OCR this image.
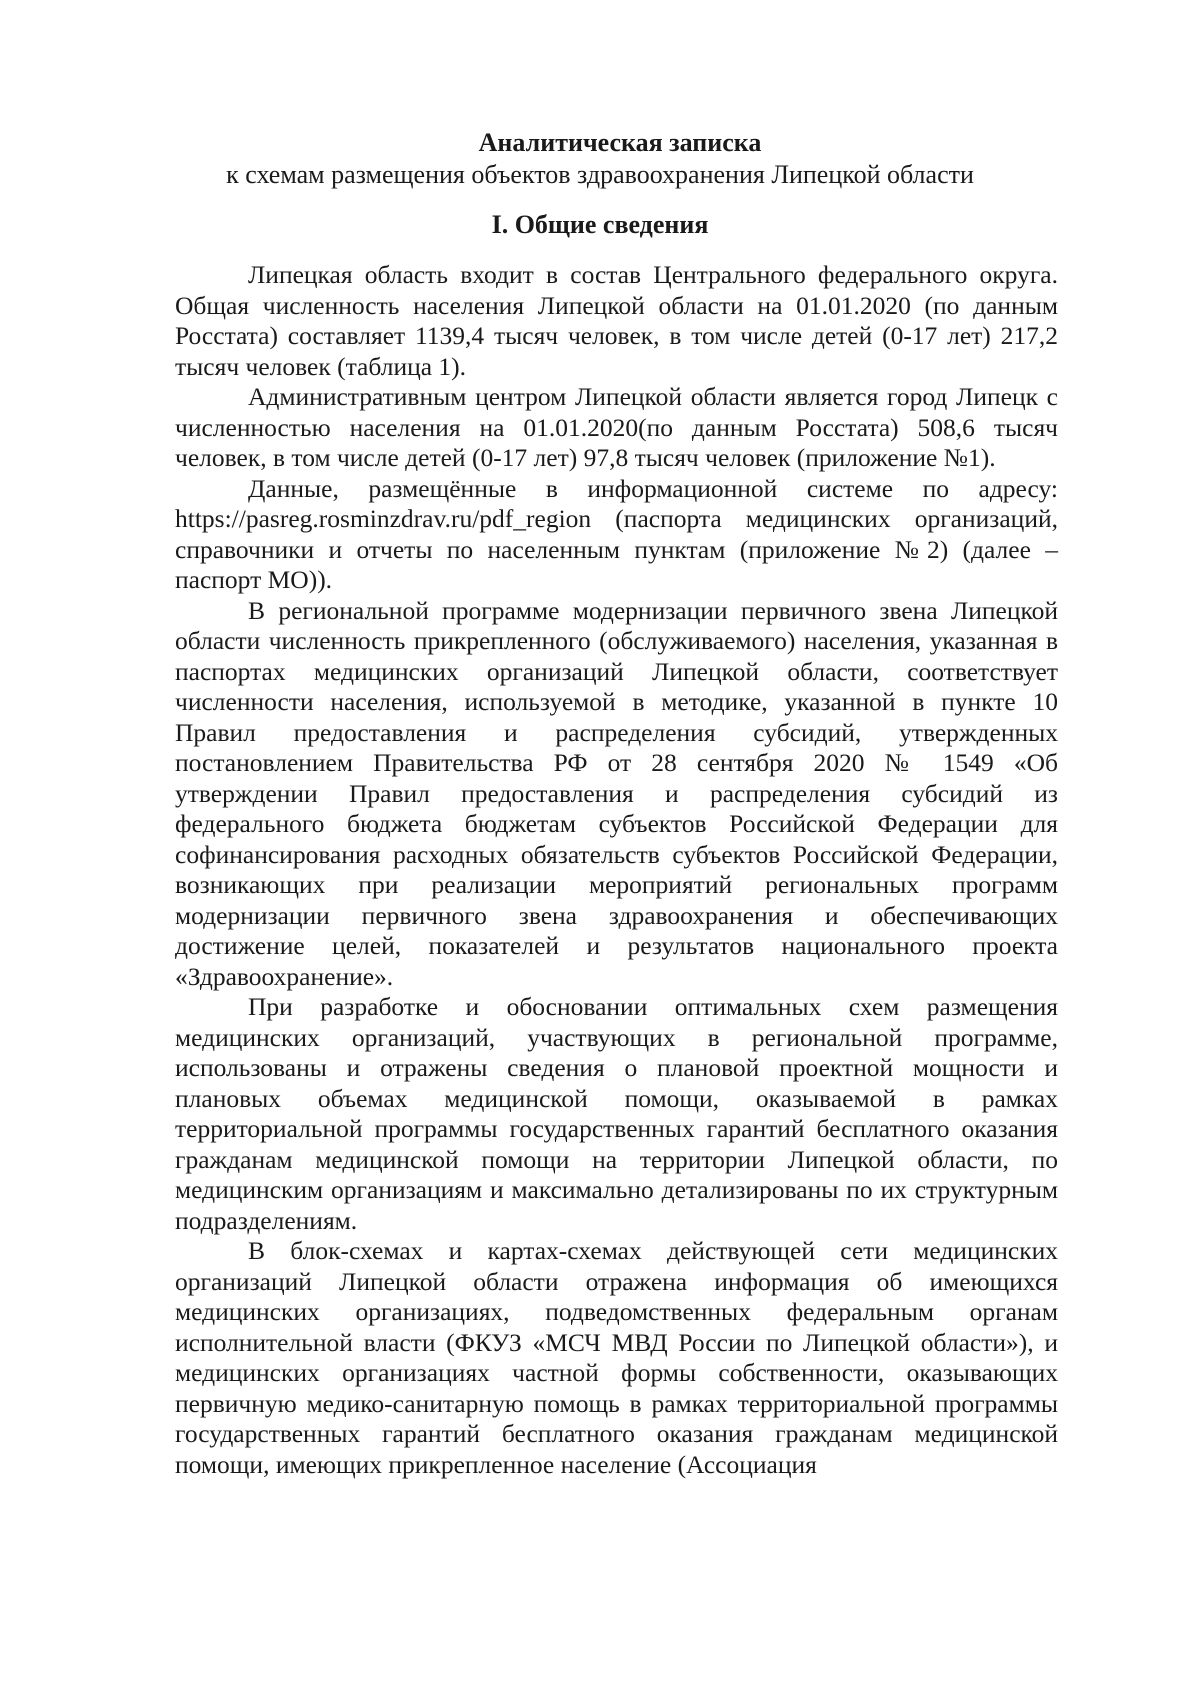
Аналитическая записка
к схемам размещения объектов здравоохранения Липецкой области
I. Общие сведения

Липецкая область входит в состав Центрального федерального округа. Общая численность населения Липецкой области на 01.01.2020 (по данным Росстата) составляет 1139,4 тысяч человек, в том числе детей (0-17 лет) 217,2 тысяч человек (таблица 1).

Административным центром Липецкой области является город Липецк с численностью населения на 01.01.2020(по данным Росстата) 508,6 тысяч человек, в том числе детей (0-17 лет) 97,8 тысяч человек (приложение №1).

Данные, размещённые в информационной системе по адресу: https://pasreg.rosminzdrav.ru/pdf_region (паспорта медицинских организаций, справочники и отчеты по населенным пунктам (приложение №2) (далее – паспорт МО)).

В региональной программе модернизации первичного звена Липецкой области численность прикрепленного (обслуживаемого) населения, указанная в паспортах медицинских организаций Липецкой области, соответствует численности населения, используемой в методике, указанной в пункте 10 Правил предоставления и распределения субсидий, утвержденных постановлением Правительства РФ от 28 сентября 2020 № 1549 «Об утверждении Правил предоставления и распределения субсидий из федерального бюджета бюджетам субъектов Российской Федерации для софинансирования расходных обязательств субъектов Российской Федерации, возникающих при реализации мероприятий региональных программ модернизации первичного звена здравоохранения и обеспечивающих достижение целей, показателей и результатов национального проекта «Здравоохранение».

При разработке и обосновании оптимальных схем размещения медицинских организаций, участвующих в региональной программе, использованы и отражены сведения о плановой проектной мощности и плановых объемах медицинской помощи, оказываемой в рамках территориальной программы государственных гарантий бесплатного оказания гражданам медицинской помощи на территории Липецкой области, по медицинским организациям и максимально детализированы по их структурным подразделениям.

В блок-схемах и картах-схемах действующей сети медицинских организаций Липецкой области отражена информация об имеющихся медицинских организациях, подведомственных федеральным органам исполнительной власти (ФКУЗ «МСЧ МВД России по Липецкой области»), и медицинских организациях частной формы собственности, оказывающих первичную медико-санитарную помощь в рамках территориальной программы государственных гарантий бесплатного оказания гражданам медицинской помощи, имеющих прикрепленное население (Ассоциация
